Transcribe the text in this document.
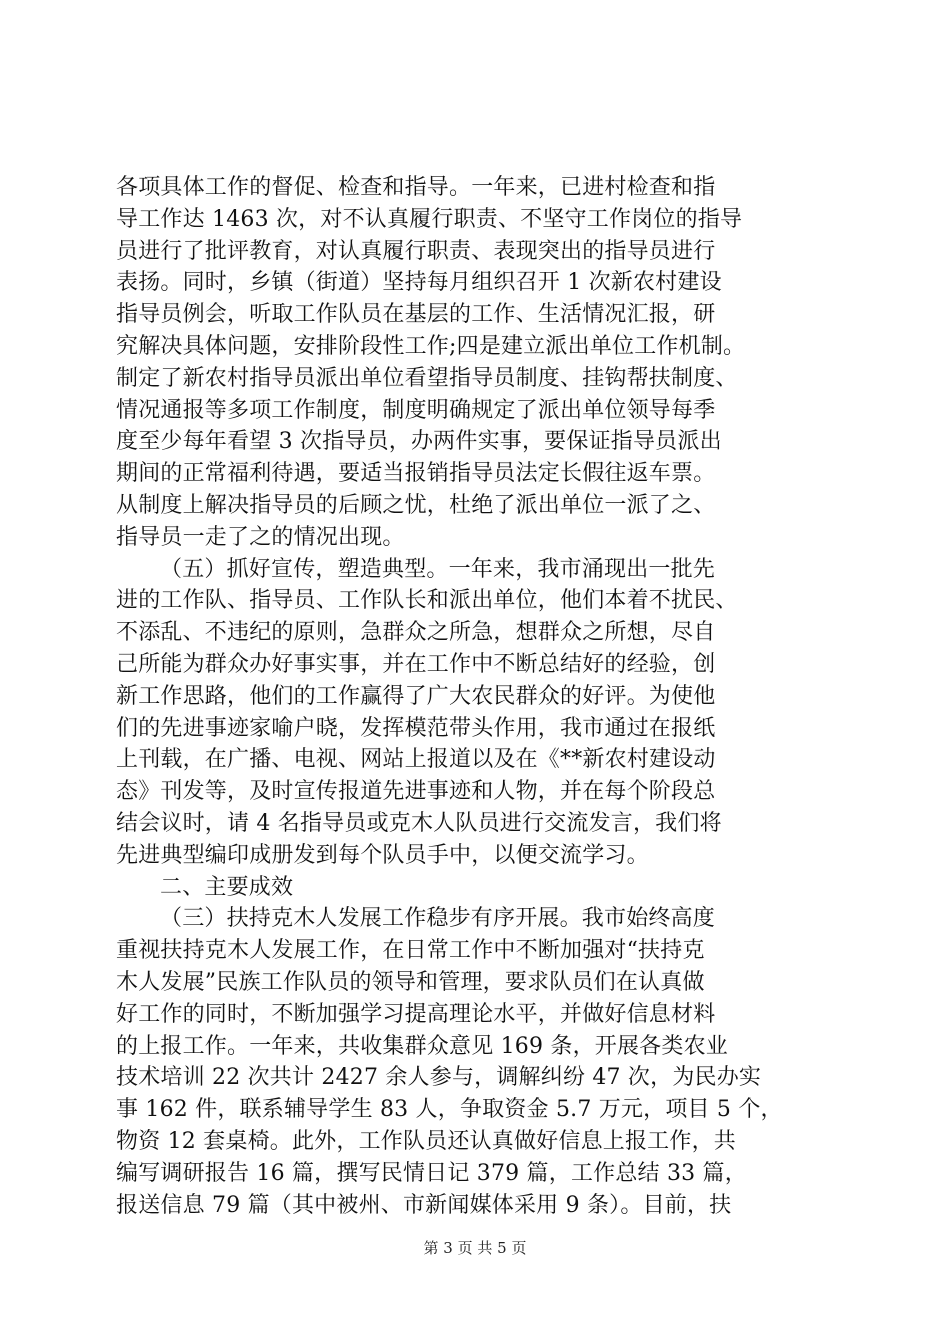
各项具体工作的督促、检查和指导。一年来，已进村检查和指
导工作达 1463 次，对不认真履行职责、不坚守工作岗位的指导
员进行了批评教育，对认真履行职责、表现突出的指导员进行
表扬。同时，乡镇（街道）坚持每月组织召开 1 次新农村建设
指导员例会，听取工作队员在基层的工作、生活情况汇报，研
究解决具体问题，安排阶段性工作;四是建立派出单位工作机制。
制定了新农村指导员派出单位看望指导员制度、挂钩帮扶制度、
情况通报等多项工作制度，制度明确规定了派出单位领导每季
度至少每年看望 3 次指导员，办两件实事，要保证指导员派出
期间的正常福利待遇，要适当报销指导员法定长假往返车票。
从制度上解决指导员的后顾之忧，杜绝了派出单位一派了之、
指导员一走了之的情况出现。
（五）抓好宣传，塑造典型。一年来，我市涌现出一批先
进的工作队、指导员、工作队长和派出单位，他们本着不扰民、
不添乱、不违纪的原则，急群众之所急，想群众之所想，尽自
己所能为群众办好事实事，并在工作中不断总结好的经验，创
新工作思路，他们的工作赢得了广大农民群众的好评。为使他
们的先进事迹家喻户晓，发挥模范带头作用，我市通过在报纸
上刊载，在广播、电视、网站上报道以及在《**新农村建设动
态》刊发等，及时宣传报道先进事迹和人物，并在每个阶段总
结会议时，请 4 名指导员或克木人队员进行交流发言，我们将
先进典型编印成册发到每个队员手中，以便交流学习。
二、主要成效
（三）扶持克木人发展工作稳步有序开展。我市始终高度
重视扶持克木人发展工作，在日常工作中不断加强对“扶持克
木人发展”民族工作队员的领导和管理，要求队员们在认真做
好工作的同时，不断加强学习提高理论水平，并做好信息材料
的上报工作。一年来，共收集群众意见 169 条，开展各类农业
技术培训 22 次共计 2427 余人参与，调解纠纷 47 次，为民办实
事 162 件，联系辅导学生 83 人，争取资金 5.7 万元，项目 5 个，
物资 12 套桌椅。此外，工作队员还认真做好信息上报工作，共
编写调研报告 16 篇，撰写民情日记 379 篇，工作总结 33 篇，
报送信息 79 篇（其中被州、市新闻媒体采用 9 条）。目前，扶
第 3 页 共 5 页
